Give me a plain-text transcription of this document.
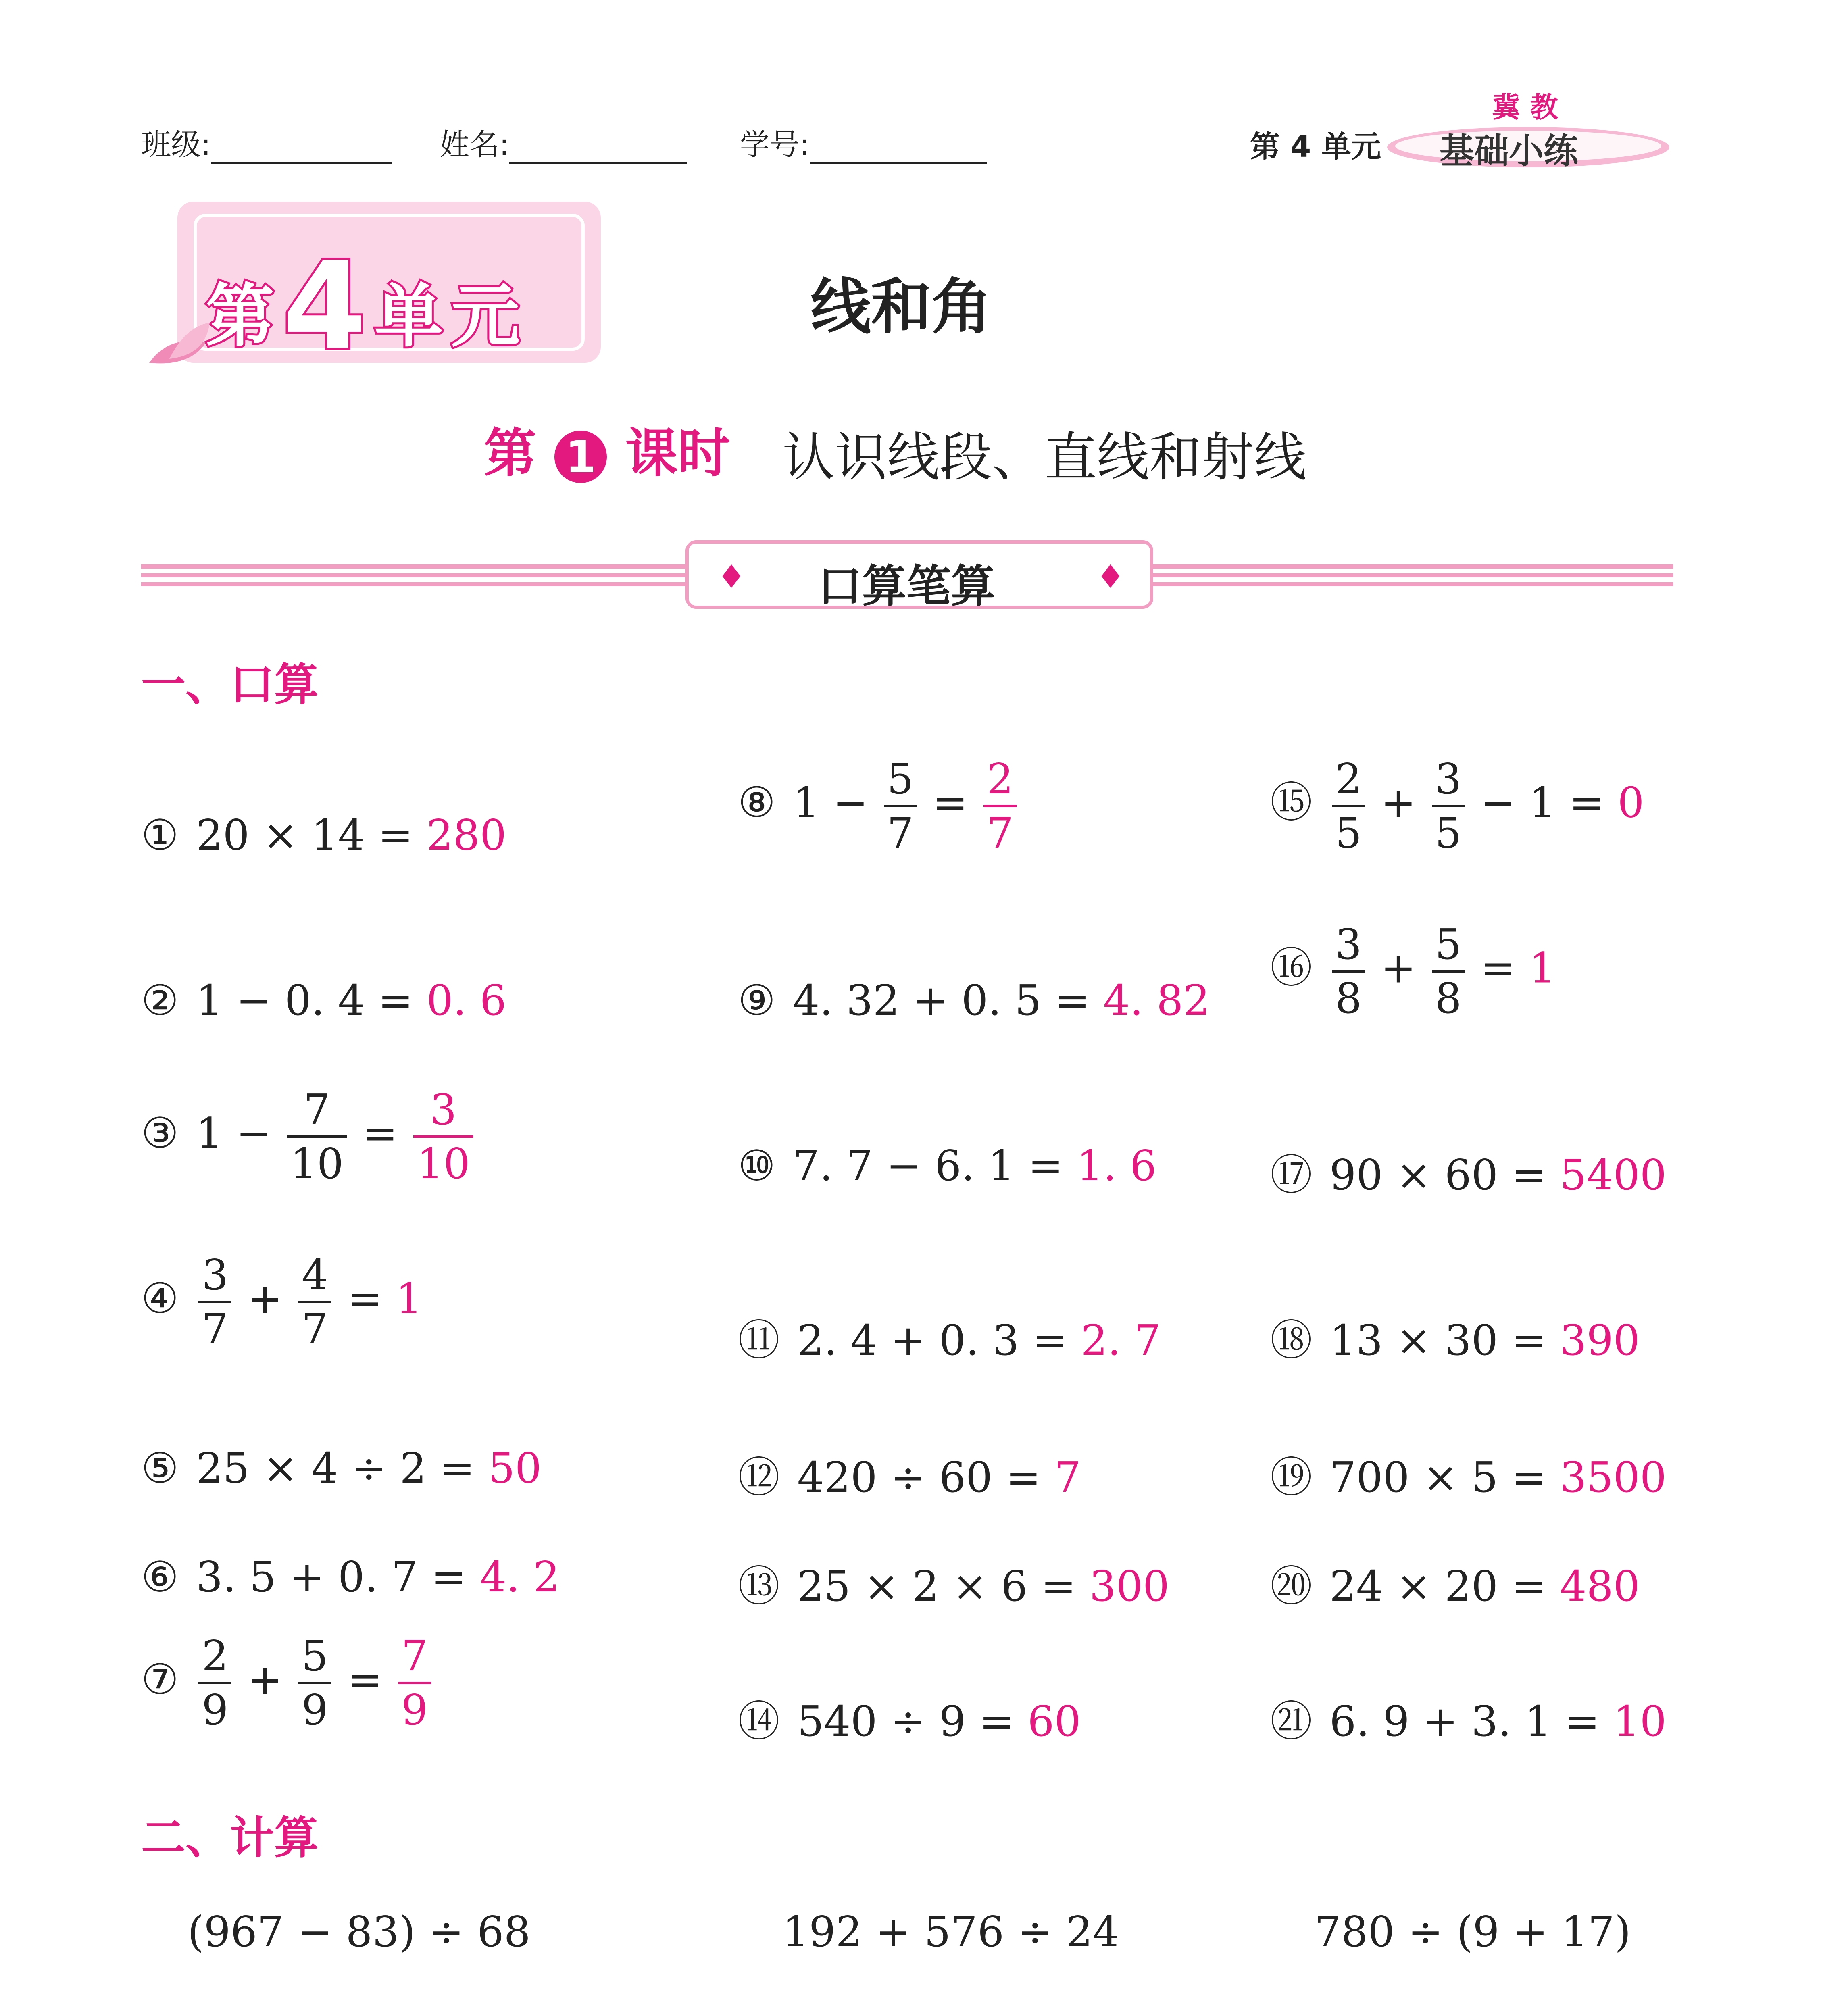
班级:	姓名:	学号:	第 4 单元
冀 教
基础小练
第4单元	线和角
第 1 课时 认识线段、直线和射线
♦ 口算笔算	♦
一、口算
① 20 × 14 = 280
② 1 − 0. 4 = 0. 6
③ 1 − 7
10
= 3
10
④ 3
7
+ 4
7
= 1
⑤ 25 × 4 ÷ 2 = 50
⑥ 3. 5 + 0. 7 = 4. 2
⑦ 2
9
+ 5
9
= 7
9
⑧ 1 − 5
7
= 2
7
⑨ 4. 32 + 0. 5 = 4. 82
⑩ 7. 7 − 6. 1 = 1. 6
⑪ 2. 4 + 0. 3 = 2. 7
⑫ 420 ÷ 60 = 7
⑬ 25 × 2 × 6 = 300
⑭ 540 ÷ 9 = 60
⑮ 2
5
+ 3
5
− 1 = 0
⑯ 3
8
+ 5
8
= 1
⑰ 90 × 60 = 5400
⑱ 13 × 30 = 390
⑲ 700 × 5 = 3500
⑳ 24 × 20 = 480
㉑ 6. 9 + 3. 1 = 10
二、计算
(967 − 83) ÷ 68	192 + 576 ÷ 24	780 ÷ (9 + 17)
